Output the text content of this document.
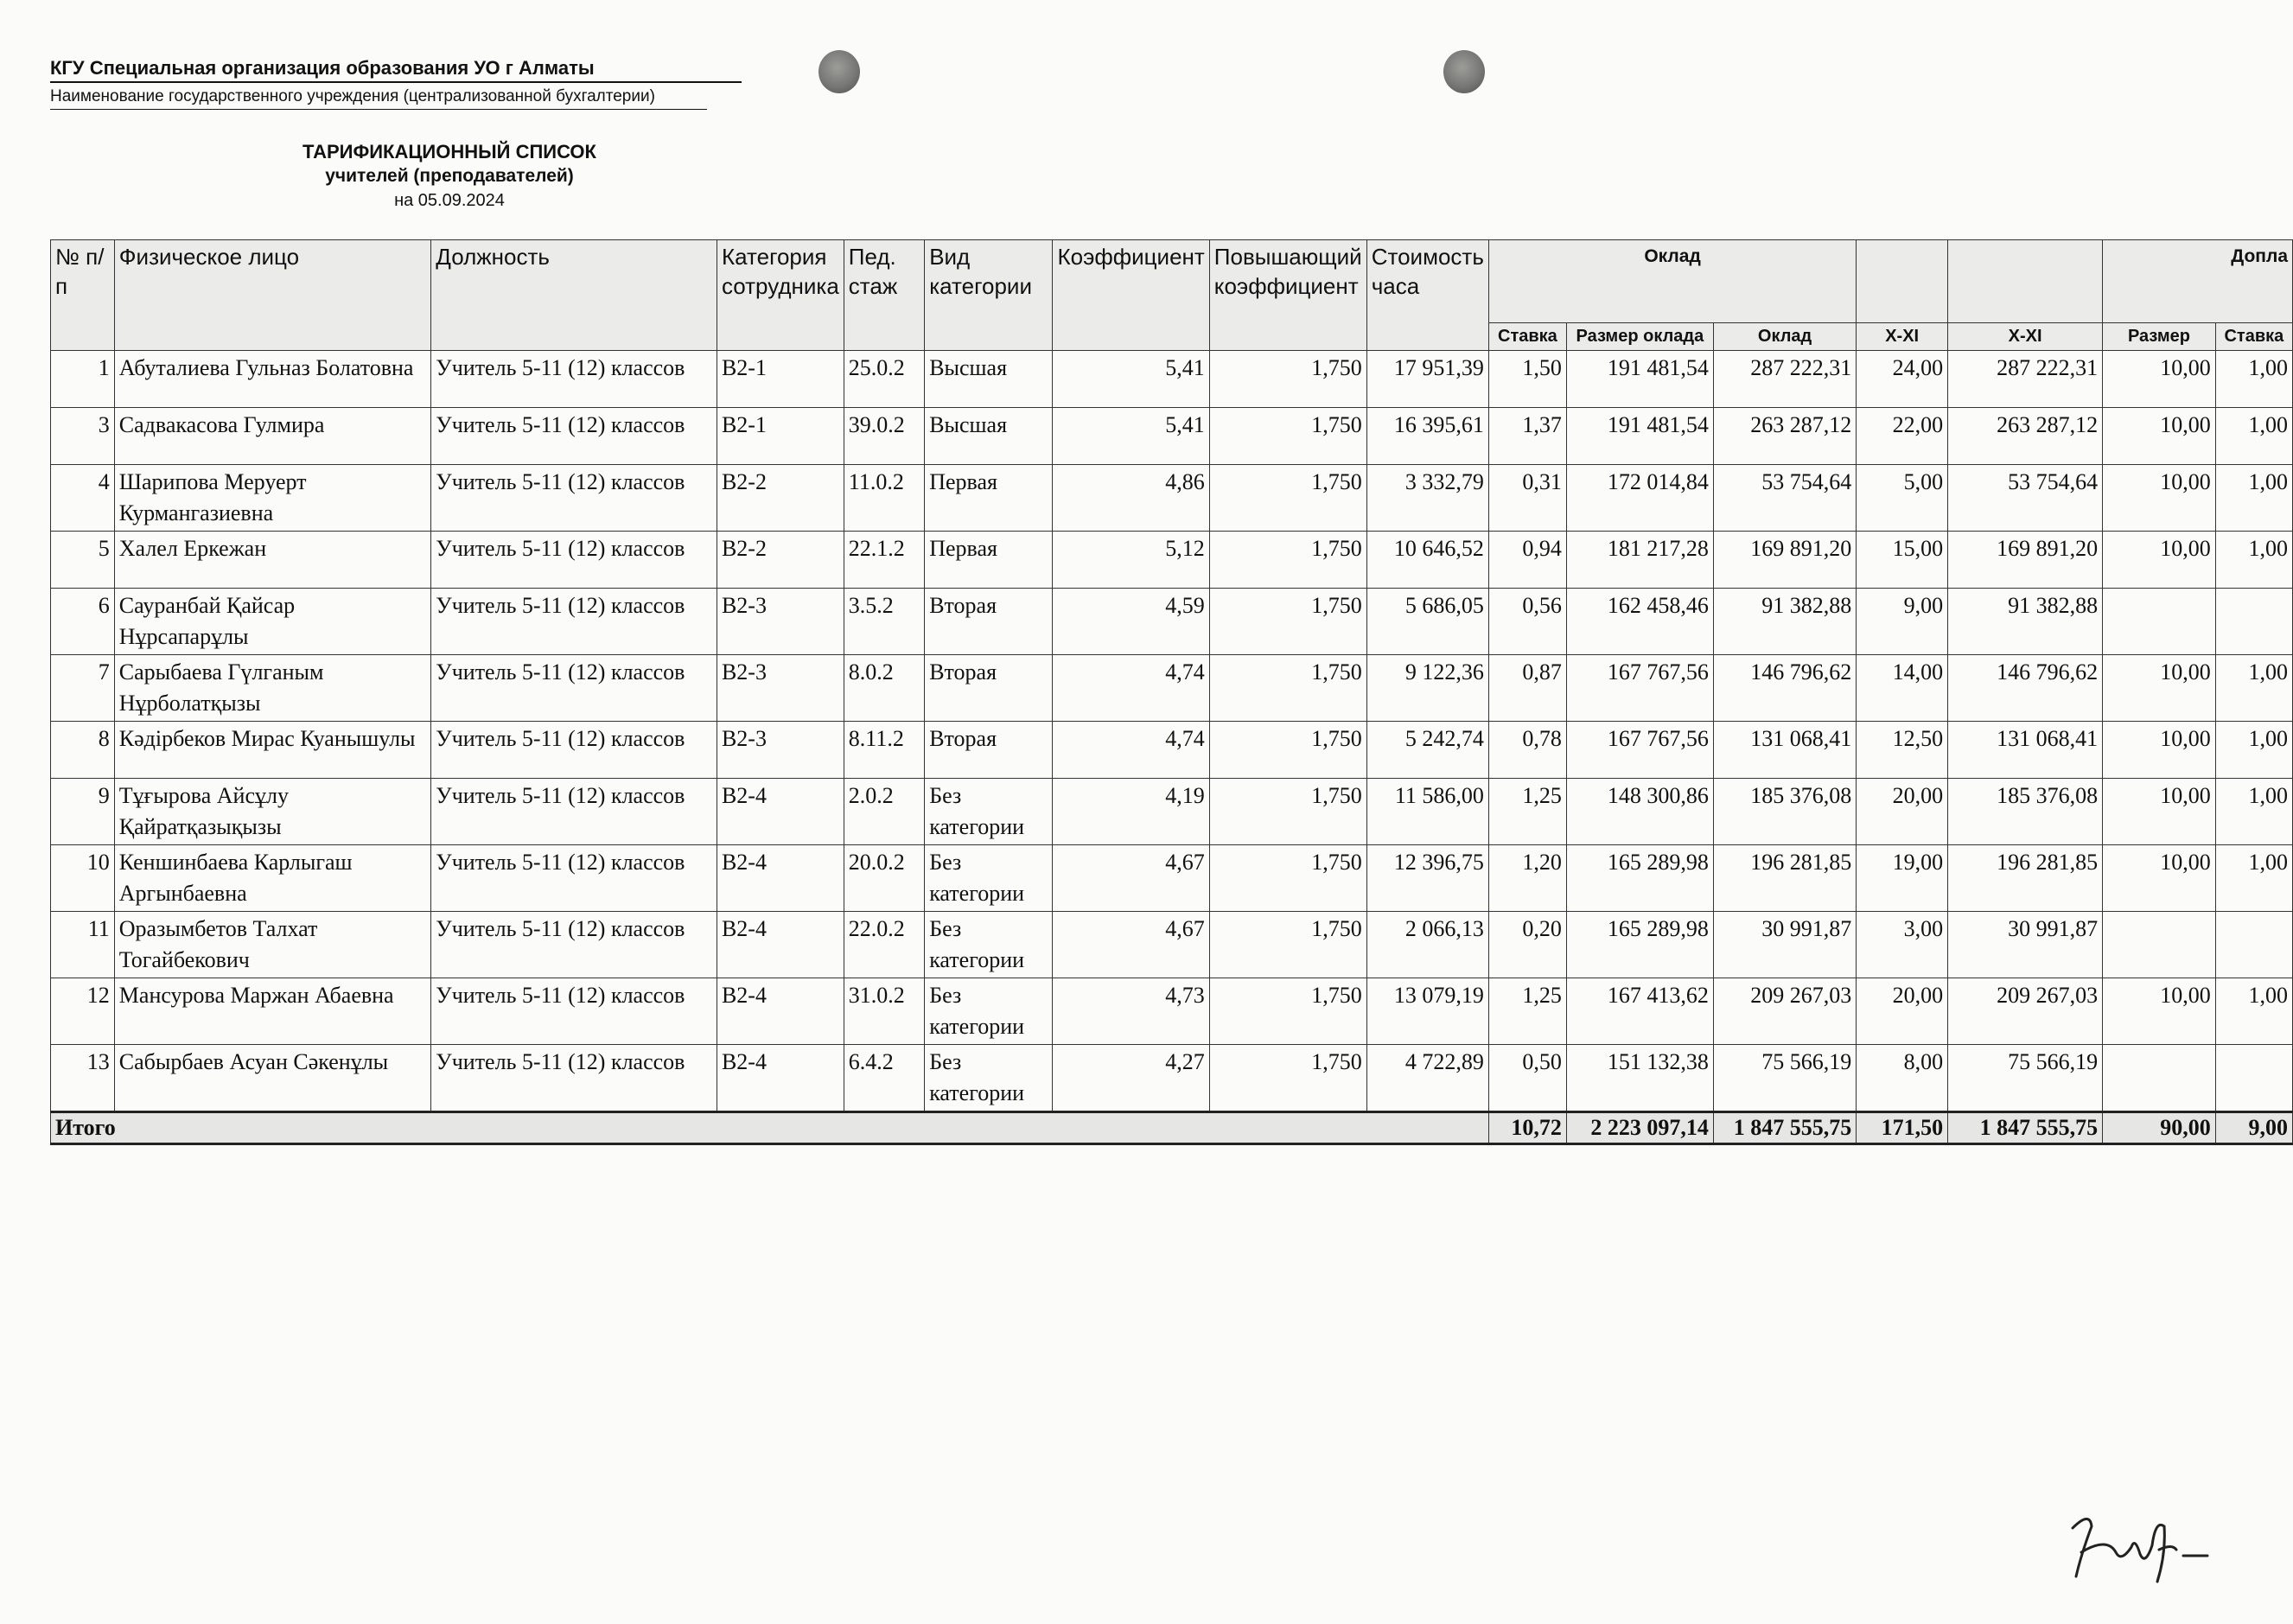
КГУ Специальная организация образования УО г Алматы
Наименование государственного учреждения (централизованной бухгалтерии)
ТАРИФИКАЦИОННЫЙ СПИСОК
учителей (преподавателей)
на 05.09.2024
№ п/п	Физическое лицо	Должность	Категория сотрудника	Пед. стаж	Вид категории	Коэффициент	Повышающий коэффициент	Стоимость часа	Оклад					Допла	
									Ставка	Размер оклада	Оклад	X-XI	X-XI	Размер	Ставка
1	Абуталиева Гульназ Болатовна	Учитель 5-11 (12) классов	B2-1	25.0.2	Высшая	5,41	1,750	17 951,39	1,50	191 481,54	287 222,31	24,00	287 222,31	10,00	1,00
3	Садвакасова Гулмира	Учитель 5-11 (12) классов	B2-1	39.0.2	Высшая	5,41	1,750	16 395,61	1,37	191 481,54	263 287,12	22,00	263 287,12	10,00	1,00
4	Шарипова Меруерт Курмангазиевна	Учитель 5-11 (12) классов	B2-2	11.0.2	Первая	4,86	1,750	3 332,79	0,31	172 014,84	53 754,64	5,00	53 754,64	10,00	1,00
5	Халел Еркежан	Учитель 5-11 (12) классов	B2-2	22.1.2	Первая	5,12	1,750	10 646,52	0,94	181 217,28	169 891,20	15,00	169 891,20	10,00	1,00
6	Сауранбай Қайсар Нұрсапарұлы	Учитель 5-11 (12) классов	B2-3	3.5.2	Вторая	4,59	1,750	5 686,05	0,56	162 458,46	91 382,88	9,00	91 382,88		
7	Сарыбаева Гүлганым Нұрболатқызы	Учитель 5-11 (12) классов	B2-3	8.0.2	Вторая	4,74	1,750	9 122,36	0,87	167 767,56	146 796,62	14,00	146 796,62	10,00	1,00
8	Кәдірбеков Мирас Куанышулы	Учитель 5-11 (12) классов	B2-3	8.11.2	Вторая	4,74	1,750	5 242,74	0,78	167 767,56	131 068,41	12,50	131 068,41	10,00	1,00
9	Тұғырова Айсұлу Қайратқазықызы	Учитель 5-11 (12) классов	B2-4	2.0.2	Без категории	4,19	1,750	11 586,00	1,25	148 300,86	185 376,08	20,00	185 376,08	10,00	1,00
10	Кеншинбаева Карлыгаш Аргынбаевна	Учитель 5-11 (12) классов	B2-4	20.0.2	Без категории	4,67	1,750	12 396,75	1,20	165 289,98	196 281,85	19,00	196 281,85	10,00	1,00
11	Оразымбетов Талхат Тогайбекович	Учитель 5-11 (12) классов	B2-4	22.0.2	Без категории	4,67	1,750	2 066,13	0,20	165 289,98	30 991,87	3,00	30 991,87		
12	Мансурова Маржан Абаевна	Учитель 5-11 (12) классов	B2-4	31.0.2	Без категории	4,73	1,750	13 079,19	1,25	167 413,62	209 267,03	20,00	209 267,03	10,00	1,00
13	Сабырбаев Асуан Сәкенұлы	Учитель 5-11 (12) классов	B2-4	6.4.2	Без категории	4,27	1,750	4 722,89	0,50	151 132,38	75 566,19	8,00	75 566,19		
Итого									10,72	2 223 097,14	1 847 555,75	171,50	1 847 555,75	90,00	9,00
